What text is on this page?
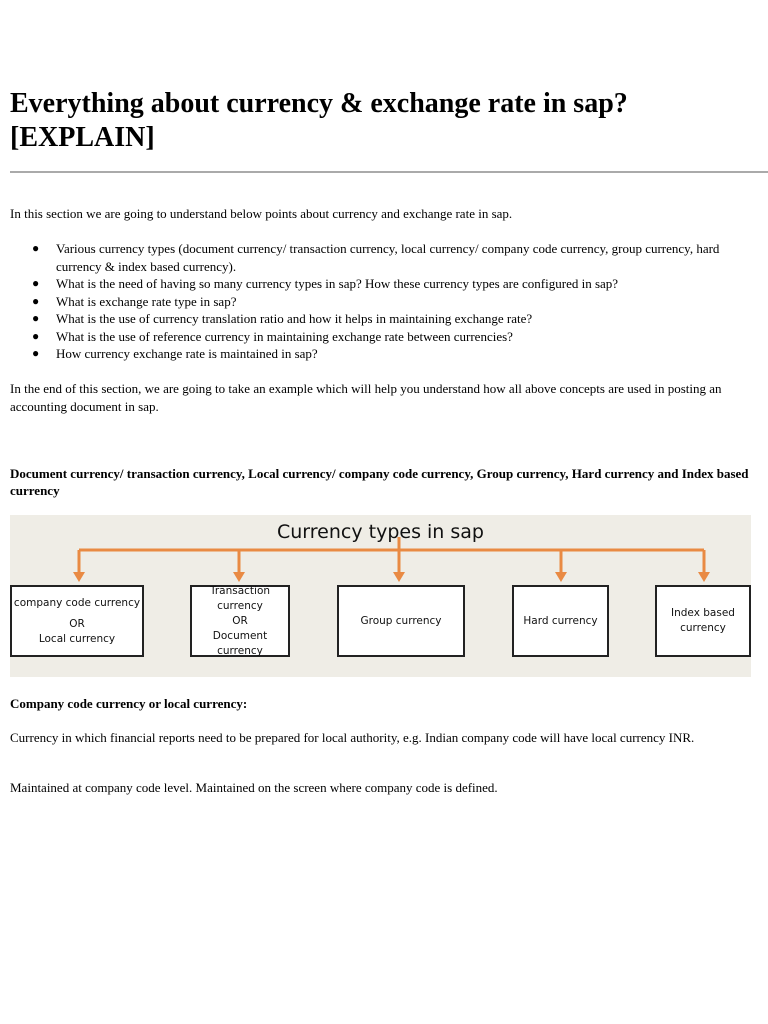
Everything about currency & exchange rate in sap?
[EXPLAIN]

In this section we are going to understand below points about currency and exchange rate in sap.

● Various currency types (document currency/ transaction currency, local currency/ company code currency, group currency, hard currency & index based currency).
● What is the need of having so many currency types in sap? How these currency types are configured in sap?
● What is exchange rate type in sap?
● What is the use of currency translation ratio and how it helps in maintaining exchange rate?
● What is the use of reference currency in maintaining exchange rate between currencies?
● How currency exchange rate is maintained in sap?

In the end of this section, we are going to take an example which will help you understand how all above concepts are used in posting an accounting document in sap.

Document currency/ transaction currency, Local currency/ company code currency, Group currency, Hard currency and Index based currency

Currency types in sap
company code currency
OR
Local currency
Transaction currency
OR
Document currency
Group currency	Hard currency
Index based
currency

Company code currency or local currency:

Currency in which financial reports need to be prepared for local authority, e.g. Indian company code will have local currency INR.

Maintained at company code level. Maintained on the screen where company code is defined.
